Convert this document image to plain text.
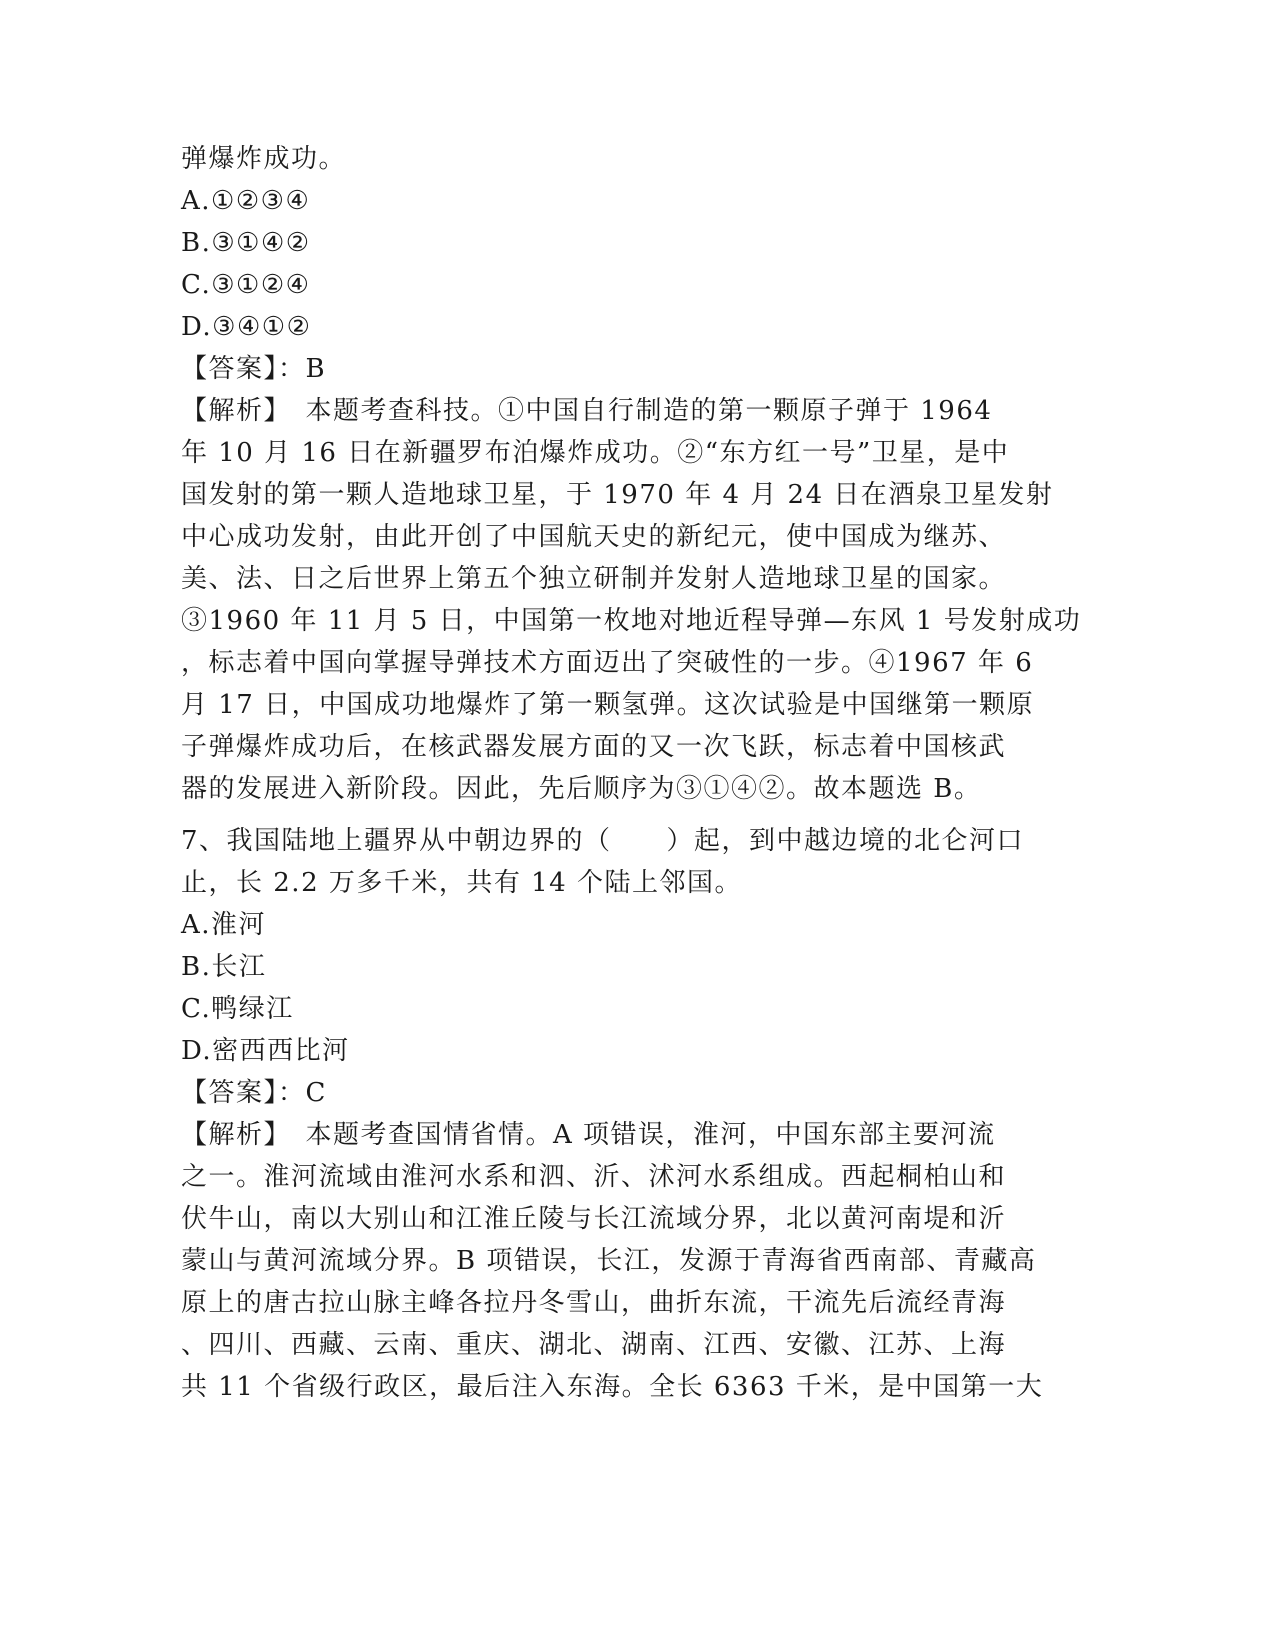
弹爆炸成功。
A.①②③④
B.③①④②
C.③①②④
D.③④①②
【答案】：B
【解析】　本题考查科技。①中国自行制造的第一颗原子弹于 1964
年 10 月 16 日在新疆罗布泊爆炸成功。②“东方红一号”卫星，是中
国发射的第一颗人造地球卫星，于 1970 年 4 月 24 日在酒泉卫星发射
中心成功发射，由此开创了中国航天史的新纪元，使中国成为继苏、
美、法、日之后世界上第五个独立研制并发射人造地球卫星的国家。
③1960 年 11 月 5 日，中国第一枚地对地近程导弹—东风 1 号发射成功
，标志着中国向掌握导弹技术方面迈出了突破性的一步。④1967 年 6
月 17 日，中国成功地爆炸了第一颗氢弹。这次试验是中国继第一颗原
子弹爆炸成功后，在核武器发展方面的又一次飞跃，标志着中国核武
器的发展进入新阶段。因此，先后顺序为③①④②。故本题选 B。
7、我国陆地上疆界从中朝边界的（　　）起，到中越边境的北仑河口
止，长 2.2 万多千米，共有 14 个陆上邻国。
A.淮河
B.长江
C.鸭绿江
D.密西西比河
【答案】：C
【解析】　本题考查国情省情。A 项错误，淮河，中国东部主要河流
之一。淮河流域由淮河水系和泗、沂、沭河水系组成。西起桐柏山和
伏牛山，南以大别山和江淮丘陵与长江流域分界，北以黄河南堤和沂
蒙山与黄河流域分界。B 项错误，长江，发源于青海省西南部、青藏高
原上的唐古拉山脉主峰各拉丹冬雪山，曲折东流，干流先后流经青海
、四川、西藏、云南、重庆、湖北、湖南、江西、安徽、江苏、上海
共 11 个省级行政区，最后注入东海。全长 6363 千米，是中国第一大
